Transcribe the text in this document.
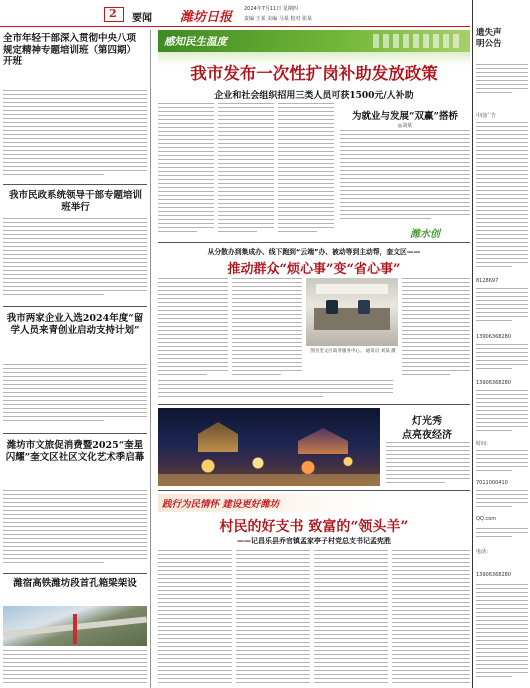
2 要闻 潍坊日报
2024年7月11日 星期四
责编 王某 美编 马某 校对 张某
全市年轻干部深入贯彻中央八项规定精神专题培训班（第四期）开班
我市民政系统领导干部专题培训班举行
我市两家企业入选2024年度“留学人员来青创业启动支持计划”
潍坊市文旅促消费暨2025“奎星闪耀”奎文区社区文化艺术季启幕
潍宿高铁潍坊段首孔箱梁架设
感知民生温度
我市发布一次性扩岗补助发放政策
企业和社会组织招用三类人员可获1500元/人补助
为就业与发展“双赢”搭桥
◎刘某
潍水创
从分散办到集成办、线下跑到“云端”办、被动等到主动帮，奎文区——
推动群众“烦心事”变“省心事”
图为奎文区政务服务中心。 通讯员 刘某 摄
灯光秀
点亮夜经济
践行为民情怀 建设更好潍坊
村民的好支书 致富的“领头羊”
——记昌乐县乔官镇孟家亭子村党总支书记孟宪胜
遗失声明公告
中国广告
8128697
13906368280
13906368280
时间：
7011000410
QQ.com
电话：
13906368280
